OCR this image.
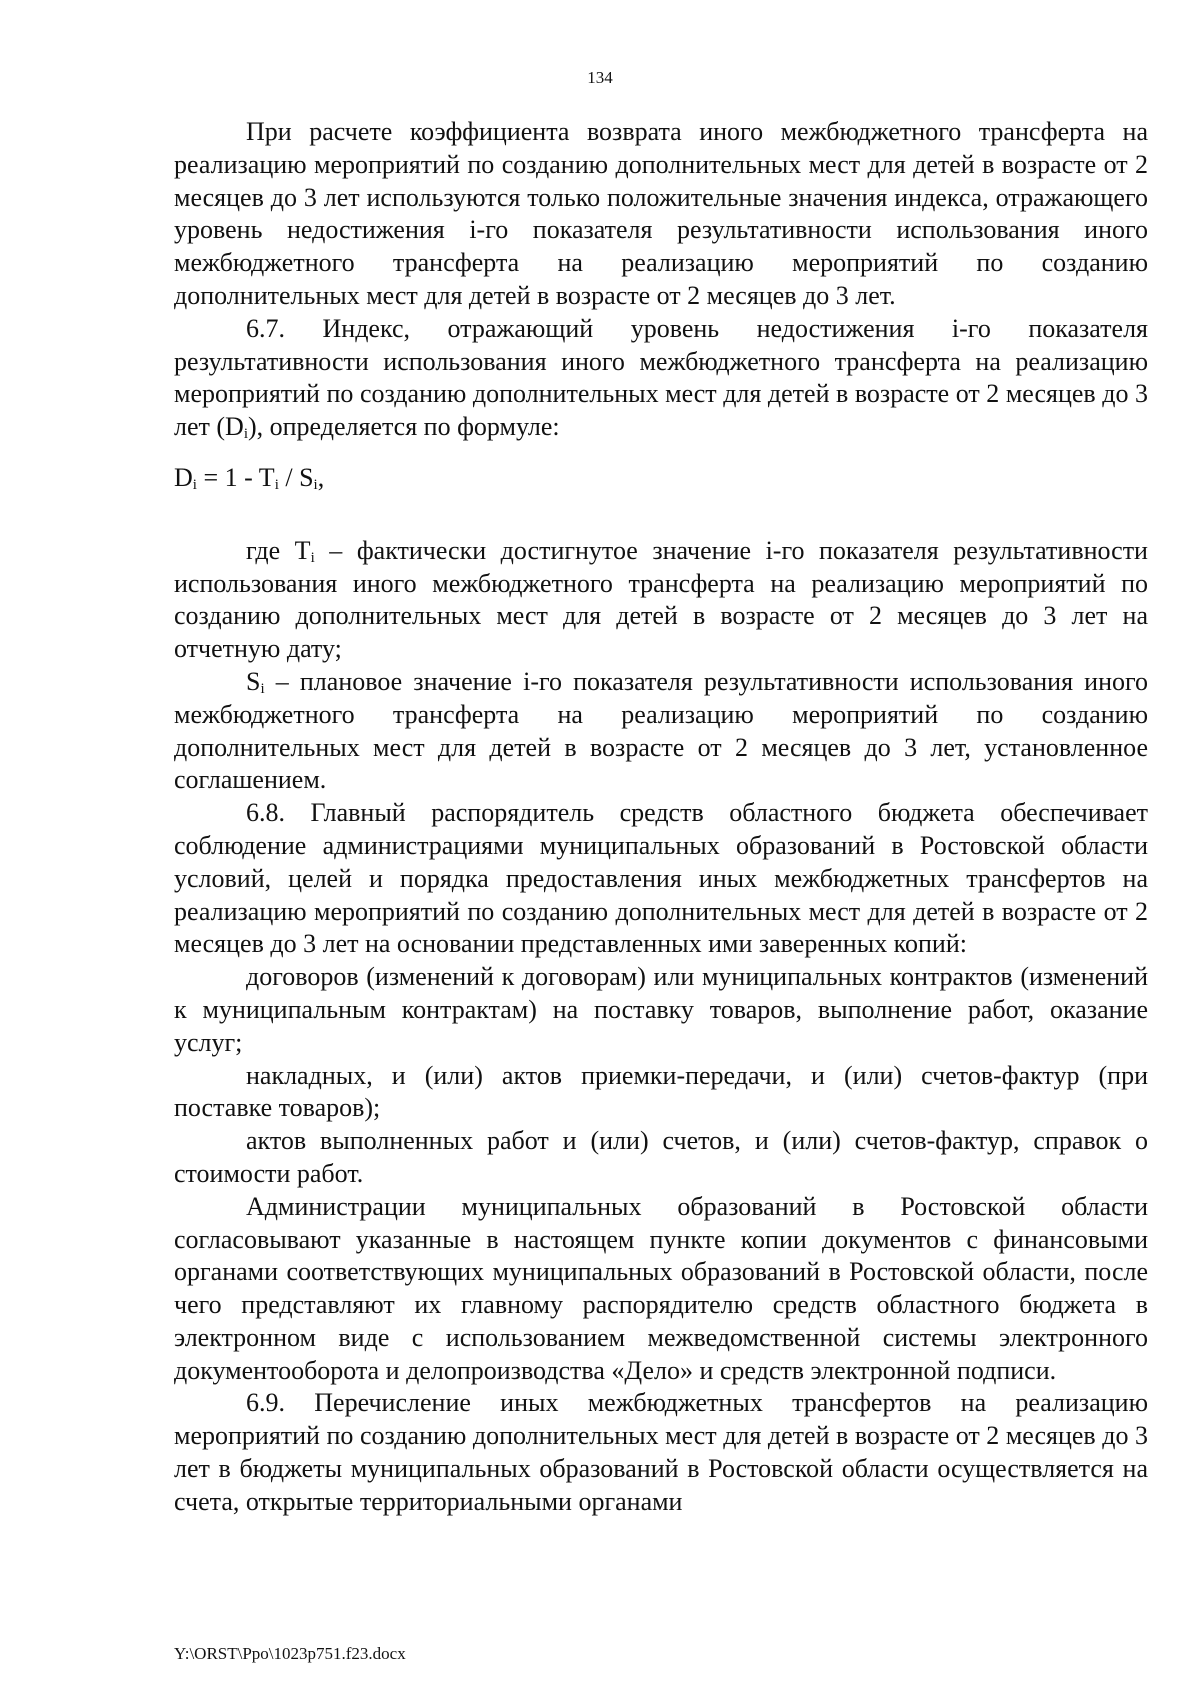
134

При расчете коэффициента возврата иного межбюджетного трансферта на реализацию мероприятий по созданию дополнительных мест для детей в возрасте от 2 месяцев до 3 лет используются только положительные значения индекса, отражающего уровень недостижения i-го показателя результативности использования иного межбюджетного трансферта на реализацию мероприятий по созданию дополнительных мест для детей в возрасте от 2 месяцев до 3 лет.

6.7. Индекс, отражающий уровень недостижения i-го показателя результативности использования иного межбюджетного трансферта на реализацию мероприятий по созданию дополнительных мест для детей в возрасте от 2 месяцев до 3 лет $(D_i)$, определяется по формуле:

$D_i = 1 - T_i / S_i$,

где $T_i$ – фактически достигнутое значение i-го показателя результативности использования иного межбюджетного трансферта на реализацию мероприятий по созданию дополнительных мест для детей в возрасте от 2 месяцев до 3 лет на отчетную дату;

$S_i$ – плановое значение i-го показателя результативности использования иного межбюджетного трансферта на реализацию мероприятий по созданию дополнительных мест для детей в возрасте от 2 месяцев до 3 лет, установленное соглашением.

6.8. Главный распорядитель средств областного бюджета обеспечивает соблюдение администрациями муниципальных образований в Ростовской области условий, целей и порядка предоставления иных межбюджетных трансфертов на реализацию мероприятий по созданию дополнительных мест для детей в возрасте от 2 месяцев до 3 лет на основании представленных ими заверенных копий:

договоров (изменений к договорам) или муниципальных контрактов (изменений к муниципальным контрактам) на поставку товаров, выполнение работ, оказание услуг;

накладных, и (или) актов приемки-передачи, и (или) счетов-фактур (при поставке товаров);

актов выполненных работ и (или) счетов, и (или) счетов-фактур, справок о стоимости работ.

Администрации муниципальных образований в Ростовской области согласовывают указанные в настоящем пункте копии документов с финансовыми органами соответствующих муниципальных образований в Ростовской области, после чего представляют их главному распорядителю средств областного бюджета в электронном виде с использованием межведомственной системы электронного документооборота и делопроизводства «Дело» и средств электронной подписи.

6.9. Перечисление иных межбюджетных трансфертов на реализацию мероприятий по созданию дополнительных мест для детей в возрасте от 2 месяцев до 3 лет в бюджеты муниципальных образований в Ростовской области осуществляется на счета, открытые территориальными органами

Y:\ORST\Ppo\1023p751.f23.docx
